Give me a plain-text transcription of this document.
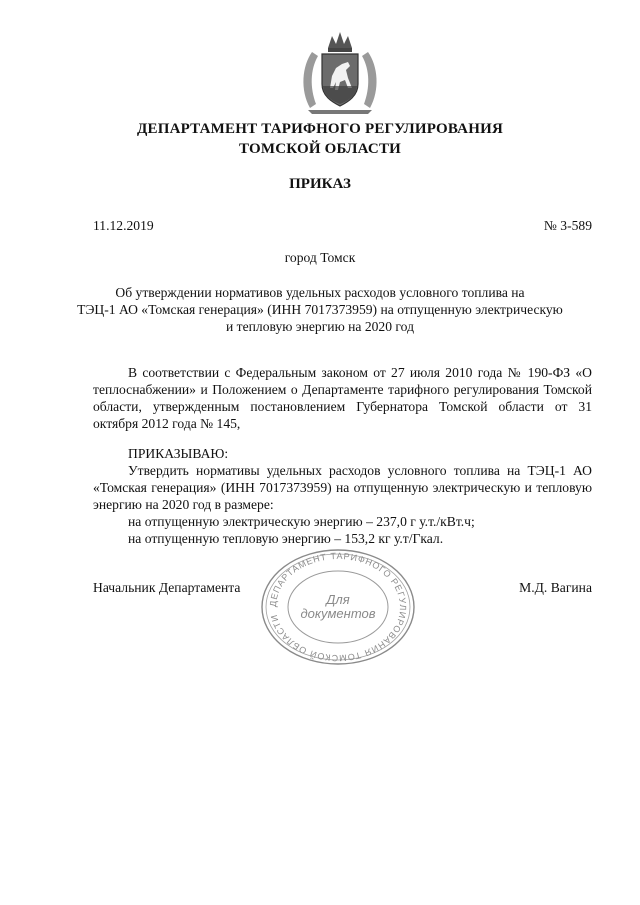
ДЕПАРТАМЕНТ ТАРИФНОГО РЕГУЛИРОВАНИЯ
ТОМСКОЙ ОБЛАСТИ
ПРИКАЗ
11.12.2019	№ 3-589
город Томск
Об утверждении нормативов удельных расходов условного топлива на
ТЭЦ-1 АО «Томская генерация» (ИНН 7017373959) на отпущенную электрическую
и тепловую энергию на 2020 год
В соответствии с Федеральным законом от 27 июля 2010 года № 190-ФЗ «О
теплоснабжении» и Положением о Департаменте тарифного регулирования Томской
области, утвержденным постановлением Губернатора Томской области от 31
октября 2012 года № 145,
ПРИКАЗЫВАЮ:
Утвердить нормативы удельных расходов условного топлива на ТЭЦ-1 АО
«Томская генерация» (ИНН 7017373959) на отпущенную электрическую и тепловую
энергию на 2020 год в размере:
на отпущенную электрическую энергию – 237,0 г у.т./кВт.ч;
на отпущенную тепловую энергию – 153,2 кг у.т/Гкал.
Начальник Департамента	М.Д. Вагина
ДЕПАРТАМЕНТ ТАРИФНОГО РЕГУЛИРОВАНИЯ ТОМСКОЙ ОБЛАСТИ
Для
документов
